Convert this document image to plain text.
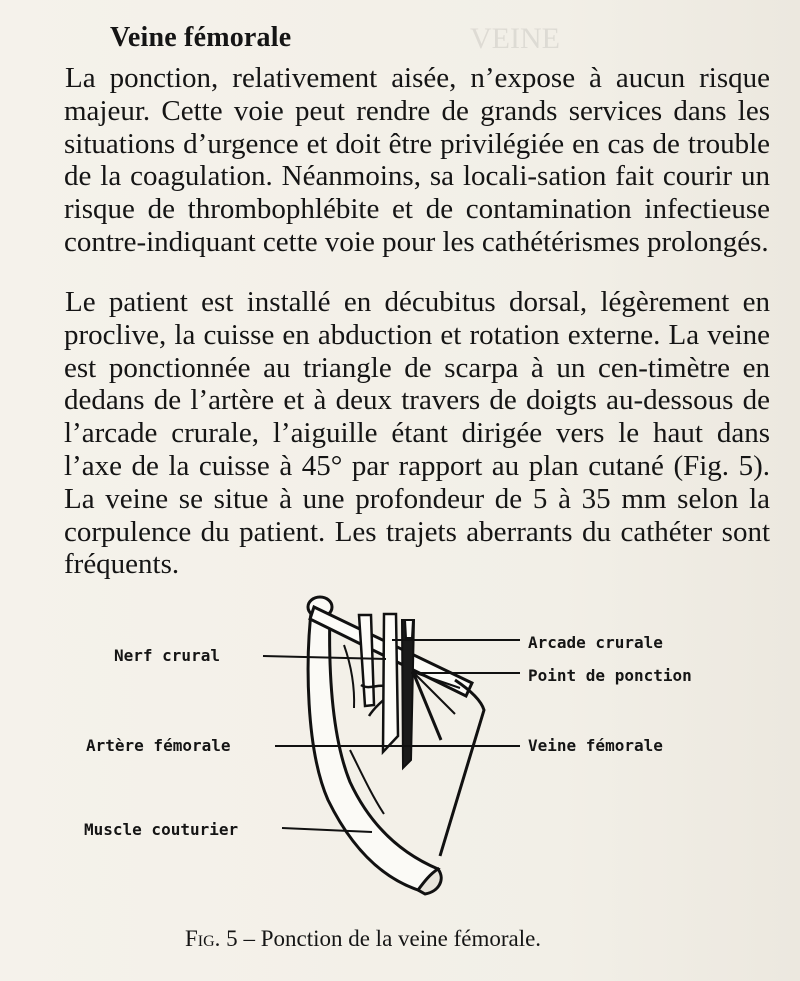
VEINE
Veine fémorale
La ponction, relativement aisée, n’expose à aucun risque majeur. Cette voie peut rendre de grands services dans les situations d’urgence et doit être privilégiée en cas de trouble de la coagulation. Néanmoins, sa locali-sation fait courir un risque de thrombophlébite et de contamination infectieuse contre-indiquant cette voie pour les cathétérismes prolongés.
Le patient est installé en décubitus dorsal, légèrement en proclive, la cuisse en abduction et rotation externe. La veine est ponctionnée au triangle de scarpa à un cen-timètre en dedans de l’artère et à deux travers de doigts au-dessous de l’arcade crurale, l’aiguille étant dirigée vers le haut dans l’axe de la cuisse à 45° par rapport au plan cutané (Fig. 5). La veine se situe à une profondeur de 5 à 35 mm selon la corpulence du patient. Les trajets aberrants du cathéter sont fréquents.
Nerf crural
Artère fémorale
Muscle couturier
Arcade crurale
Point de ponction
Veine fémorale
Fig. 5 – Ponction de la veine fémorale.
